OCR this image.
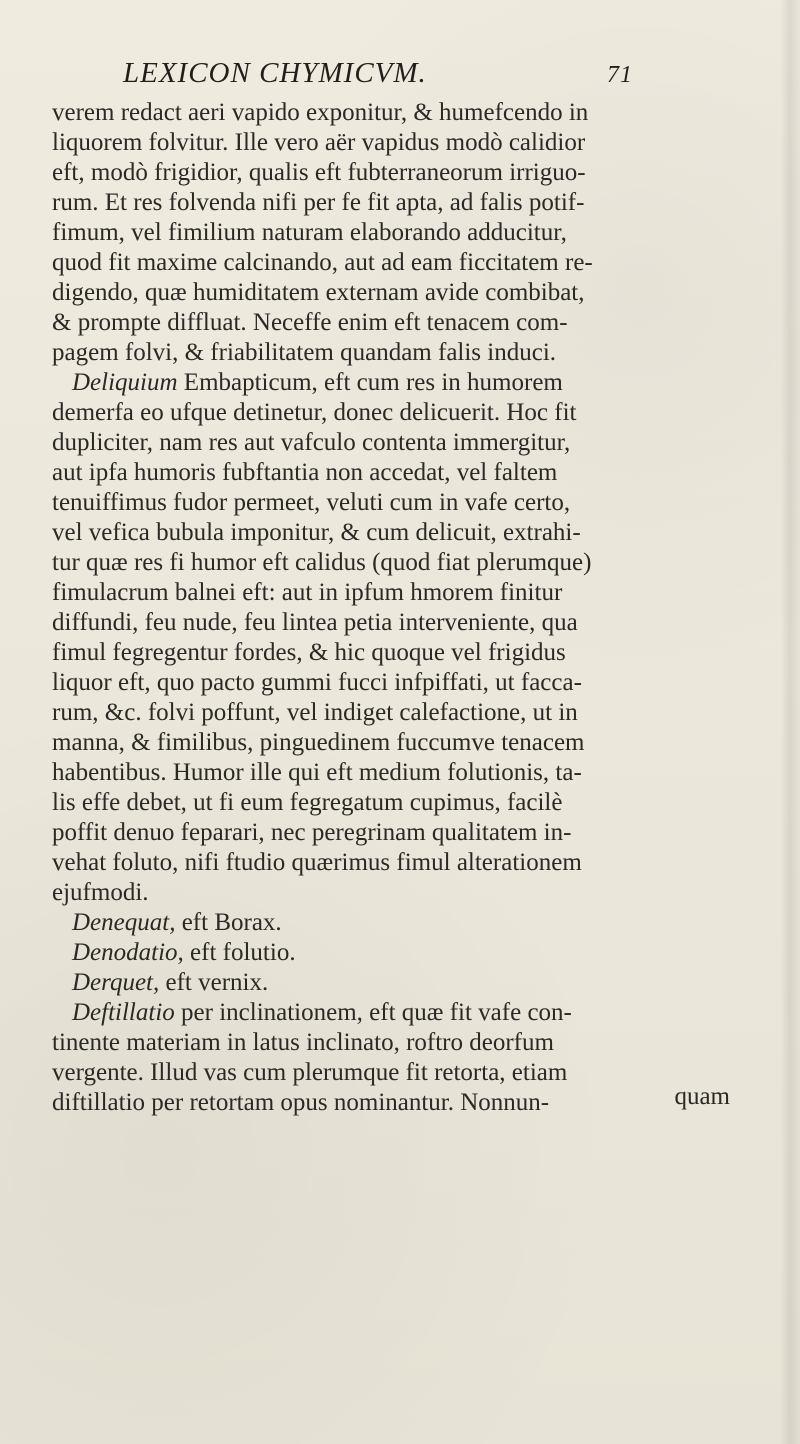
LEXICON CHYMICVM.	71
verem redact aeri vapido exponitur, & humefcendo in
liquorem folvitur. Ille vero aër vapidus modò calidior
eft, modò frigidior, qualis eft fubterraneorum irriguo-
rum. Et res folvenda nifi per fe fit apta, ad falis potif-
fimum, vel fimilium naturam elaborando adducitur,
quod fit maxime calcinando, aut ad eam ficcitatem re-
digendo, quæ humiditatem externam avide combibat,
& prompte diffluat. Neceffe enim eft tenacem com-
pagem folvi, & friabilitatem quandam falis induci.
Deliquium Embapticum, eft cum res in humorem
demerfa eo ufque detinetur, donec delicuerit. Hoc fit
dupliciter, nam res aut vafculo contenta immergitur,
aut ipfa humoris fubftantia non accedat, vel faltem
tenuiffimus fudor permeet, veluti cum in vafe certo,
vel vefica bubula imponitur, & cum delicuit, extrahi-
tur quæ res fi humor eft calidus (quod fiat plerumque)
fimulacrum balnei eft: aut in ipfum hmorem finitur
diffundi, feu nude, feu lintea petia interveniente, qua
fimul fegregentur fordes, & hic quoque vel frigidus
liquor eft, quo pacto gummi fucci infpiffati, ut facca-
rum, &c. folvi poffunt, vel indiget calefactione, ut in
manna, & fimilibus, pinguedinem fuccumve tenacem
habentibus. Humor ille qui eft medium folutionis, ta-
lis effe debet, ut fi eum fegregatum cupimus, facilè
poffit denuo feparari, nec peregrinam qualitatem in-
vehat foluto, nifi ftudio quærimus fimul alterationem
ejufmodi.
Denequat, eft Borax.
Denodatio, eft folutio.
Derquet, eft vernix.
Deftillatio per inclinationem, eft quæ fit vafe con-
tinente materiam in latus inclinato, roftro deorfum
vergente. Illud vas cum plerumque fit retorta, etiam
diftillatio per retortam opus nominantur. Nonnun-	quam
